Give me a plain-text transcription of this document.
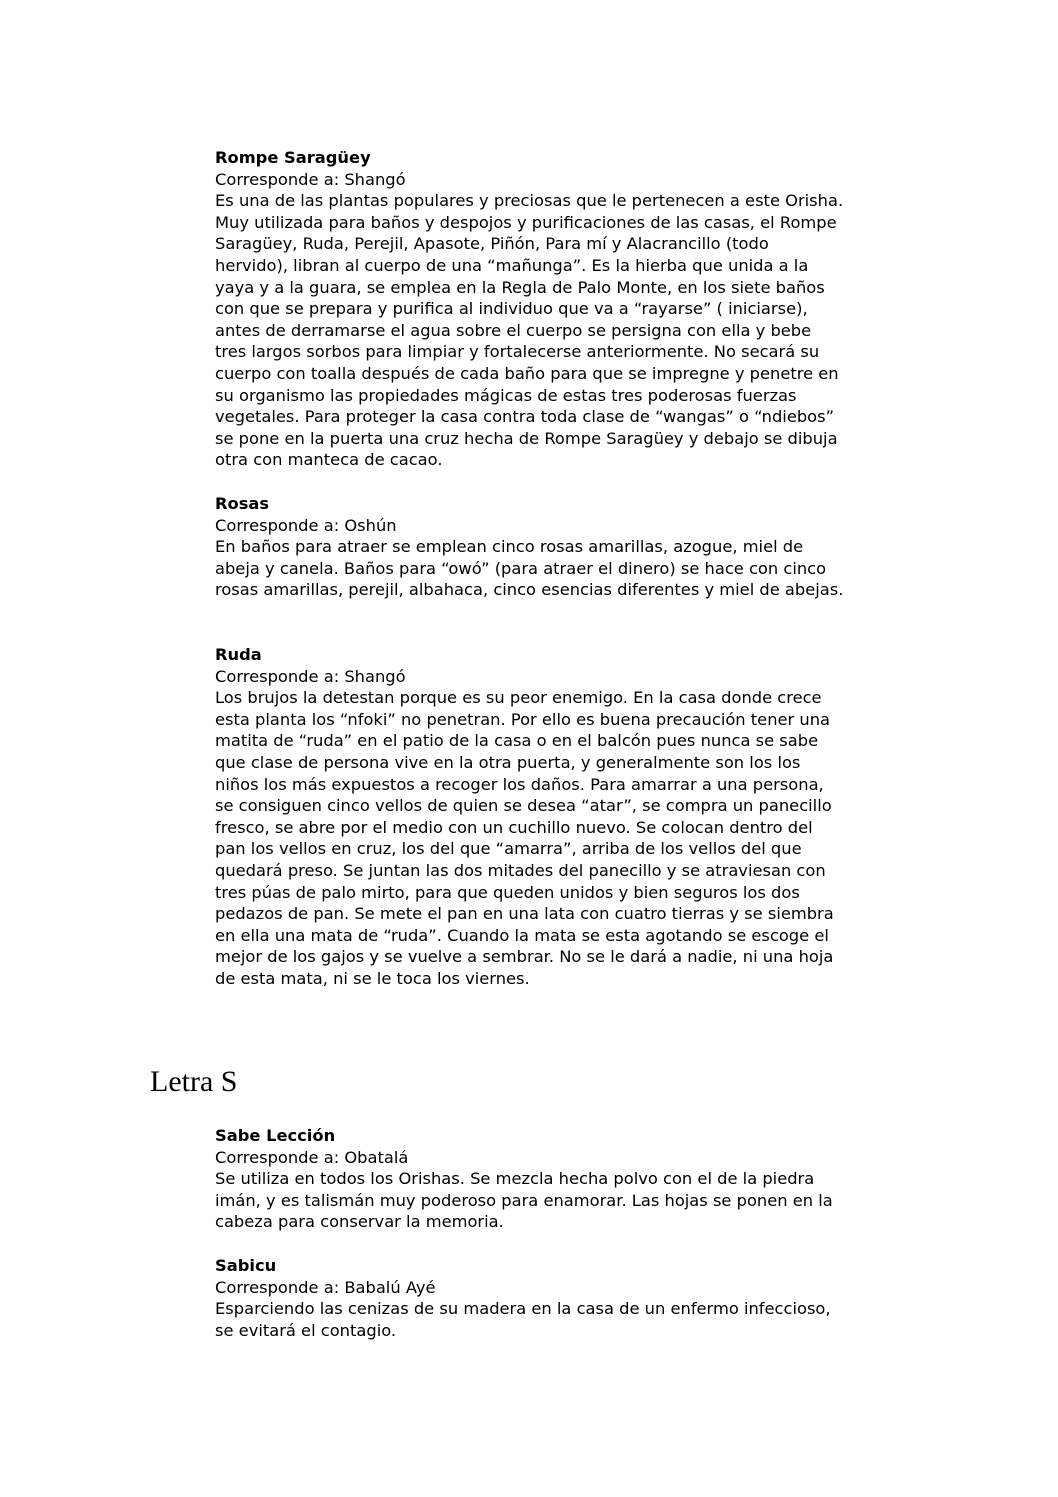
Rompe Saragüey
Corresponde a: Shangó

Es una de las plantas populares y preciosas que le pertenecen a este Orisha.
Muy utilizada para baños y despojos y purificaciones de las casas, el Rompe
Saragüey, Ruda, Perejil, Apasote, Piñón, Para mí y Alacrancillo (todo
hervido), libran al cuerpo de una “mañunga”. Es la hierba que unida a la
yaya y a la guara, se emplea en la Regla de Palo Monte, en los siete baños
con que se prepara y purifica al individuo que va a “rayarse” ( iniciarse),
antes de derramarse el agua sobre el cuerpo se persigna con ella y bebe
tres largos sorbos para limpiar y fortalecerse anteriormente. No secará su
cuerpo con toalla después de cada baño para que se impregne y penetre en
su organismo las propiedades mágicas de estas tres poderosas fuerzas
vegetales. Para proteger la casa contra toda clase de “wangas” o “ndiebos”
se pone en la puerta una cruz hecha de Rompe Saragüey y debajo se dibuja
otra con manteca de cacao.

Rosas
Corresponde a: Oshún

En baños para atraer se emplean cinco rosas amarillas, azogue, miel de
abeja y canela. Baños para “owó” (para atraer el dinero) se hace con cinco
rosas amarillas, perejil, albahaca, cinco esencias diferentes y miel de abejas.

Ruda
Corresponde a: Shangó

Los brujos la detestan porque es su peor enemigo. En la casa donde crece
esta planta los “nfoki” no penetran. Por ello es buena precaución tener una
matita de “ruda” en el patio de la casa o en el balcón pues nunca se sabe
que clase de persona vive en la otra puerta, y generalmente son los los
niños los más expuestos a recoger los daños. Para amarrar a una persona,
se consiguen cinco vellos de quien se desea “atar”, se compra un panecillo
fresco, se abre por el medio con un cuchillo nuevo. Se colocan dentro del
pan los vellos en cruz, los del que “amarra”, arriba de los vellos del que
quedará preso. Se juntan las dos mitades del panecillo y se atraviesan con
tres púas de palo mirto, para que queden unidos y bien seguros los dos
pedazos de pan. Se mete el pan en una lata con cuatro tierras y se siembra
en ella una mata de “ruda”. Cuando la mata se esta agotando se escoge el
mejor de los gajos y se vuelve a sembrar. No se le dará a nadie, ni una hoja
de esta mata, ni se le toca los viernes.

Letra S
Sabe Lección
Corresponde a: Obatalá

Se utiliza en todos los Orishas. Se mezcla hecha polvo con el de la piedra
imán, y es talismán muy poderoso para enamorar. Las hojas se ponen en la
cabeza para conservar la memoria.

Sabicu
Corresponde a: Babalú Ayé

Esparciendo las cenizas de su madera en la casa de un enfermo infeccioso,
se evitará el contagio.
